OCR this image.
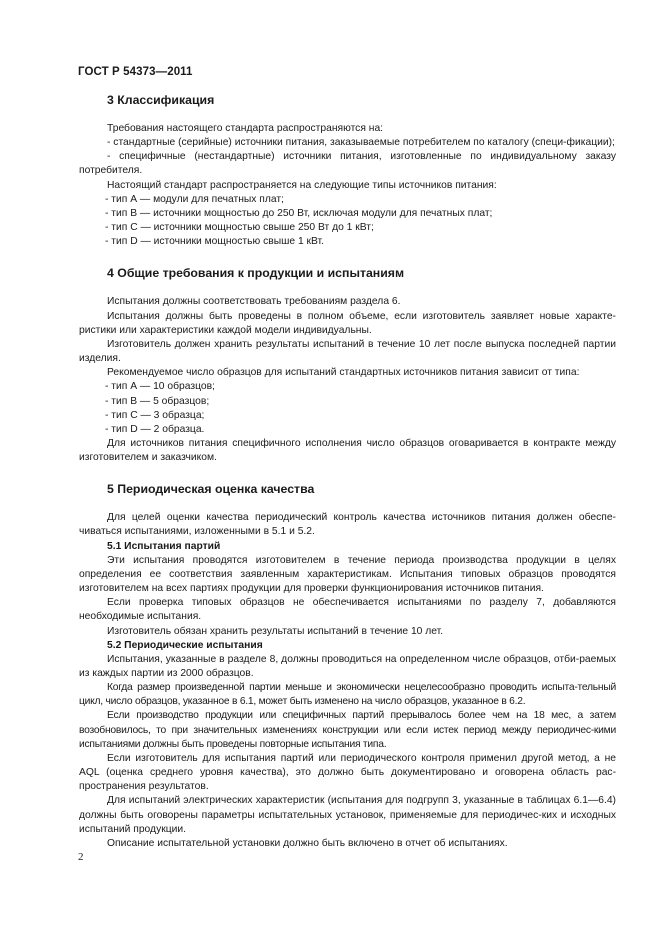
ГОСТ Р 54373—2011

3 Классификация

Требования настоящего стандарта распространяются на:

- стандартные (серийные) источники питания, заказываемые потребителем по каталогу (специ-фикации);

- специфичные (нестандартные) источники питания, изготовленные по индивидуальному заказу потребителя.

Настоящий стандарт распространяется на следующие типы источников питания:

- тип А — модули для печатных плат;

- тип В — источники мощностью до 250 Вт, исключая модули для печатных плат;

- тип С — источники мощностью свыше 250 Вт до 1 кВт;

- тип D — источники мощностью свыше 1 кВт.

4 Общие требования к продукции и испытаниям

Испытания должны соответствовать требованиям раздела 6.

Испытания должны быть проведены в полном объеме, если изготовитель заявляет новые характе-ристики или характеристики каждой модели индивидуальны.

Изготовитель должен хранить результаты испытаний в течение 10 лет после выпуска последней партии изделия.

Рекомендуемое число образцов для испытаний стандартных источников питания зависит от типа:

- тип А — 10 образцов;

- тип В — 5 образцов;

- тип С — 3 образца;

- тип D — 2 образца.

Для источников питания специфичного исполнения число образцов оговаривается в контракте между изготовителем и заказчиком.

5 Периодическая оценка качества

Для целей оценки качества периодический контроль качества источников питания должен обеспе-чиваться испытаниями, изложенными в 5.1 и 5.2.

5.1 Испытания партий

Эти испытания проводятся изготовителем в течение периода производства продукции в целях определения ее соответствия заявленным характеристикам. Испытания типовых образцов проводятся изготовителем на всех партиях продукции для проверки функционирования источников питания.

Если проверка типовых образцов не обеспечивается испытаниями по разделу 7, добавляются необходимые испытания.

Изготовитель обязан хранить результаты испытаний в течение 10 лет.

5.2 Периодические испытания

Испытания, указанные в разделе 8, должны проводиться на определенном числе образцов, отби-раемых из каждых партии из 2000 образцов.

Когда размер произведенной партии меньше и экономически нецелесообразно проводить испыта-тельный цикл, число образцов, указанное в 6.1, может быть изменено на число образцов, указанное в 6.2.

Если производство продукции или специфичных партий прерывалось более чем на 18 мес, а затем возобновилось, то при значительных изменениях конструкции или если истек период между периодичес-кими испытаниями должны быть проведены повторные испытания типа.

Если изготовитель для испытания партий или периодического контроля применил другой метод, а не AQL (оценка среднего уровня качества), это должно быть документировано и оговорена область рас-пространения результатов.

Для испытаний электрических характеристик (испытания для подгрупп 3, указанные в таблицах 6.1—6.4) должны быть оговорены параметры испытательных установок, применяемые для периодичес-ких и исходных испытаний продукции.

Описание испытательной установки должно быть включено в отчет об испытаниях.

2
